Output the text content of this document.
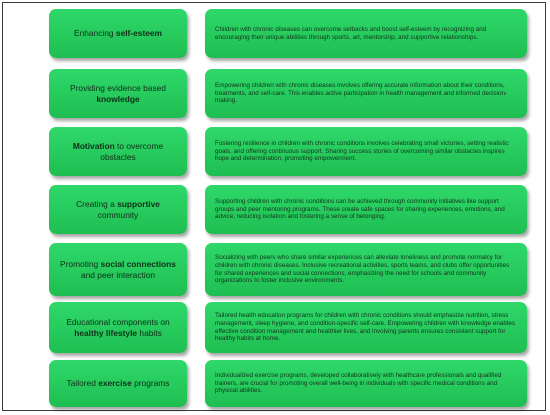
Enhancing self-esteem	Children with chronic diseases can overcome setbacks and boost self-esteem by recognizing and encouraging their unique abilities through sports, art, mentorship, and supportive relationships.
Providing evidence based knowledge
Empowering children with chronic diseases involves offering accurate information about their conditions, treatments, and self-care. This enables active participation in health management and informed decision-making.
Motivation to overcome obstacles
Fostering resilience in children with chronic conditions involves celebrating small victories, setting realistic goals, and offering continuous support. Sharing success stories of overcoming similar obstacles inspires hope and determination, promoting empowerment.
Creating a supportive community
Supporting children with chronic conditions can be achieved through community initiatives like support groups and peer mentoring programs. These create safe spaces for sharing experiences, emotions, and advice, reducing isolation and fostering a sense of belonging.
Promoting social connections and peer interaction
Socializing with peers who share similar experiences can alleviate loneliness and promote normalcy for children with chronic diseases. Inclusive recreational activities, sports teams, and clubs offer opportunities for shared experiences and social connections, emphasizing the need for schools and community organizations to foster inclusive environments.
Educational components on healthy lifestyle habits
Tailored health education programs for children with chronic conditions should emphasize nutrition, stress management, sleep hygiene, and condition-specific self-care. Empowering children with knowledge enables effective condition management and healthier lives, and involving parents ensures consistent support for healthy habits at home.
Tailored exercise programs
Individualized exercise programs, developed collaboratively with healthcare professionals and qualified trainers, are crucial for promoting overall well-being in individuals with specific medical conditions and physical abilities.
